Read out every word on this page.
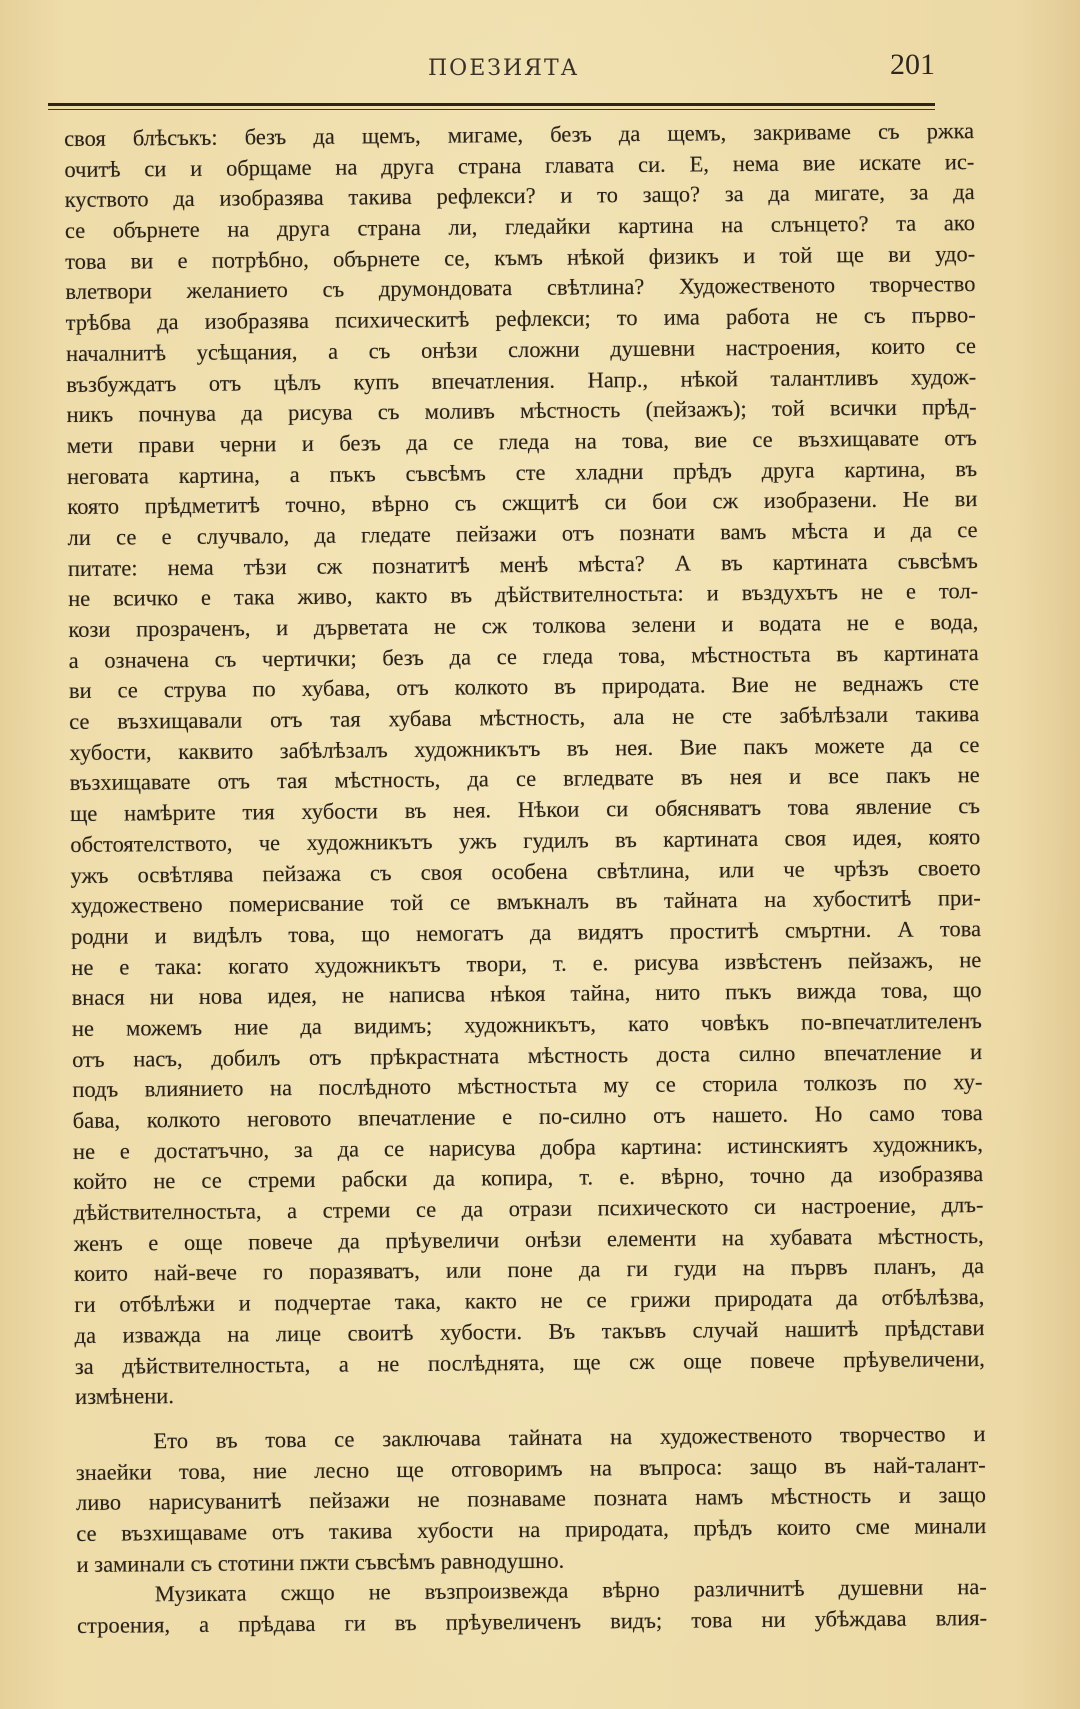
ПОЕЗИЯТА	201
своя блѣсъкъ: безъ да щемъ, мигаме, безъ да щемъ, закриваме съ ржка
очитѣ си и обрщаме на друга страна главата си. Е, нема вие искате ис-
куството да изобразява такива рефлекси? и то защо? за да мигате, за да
се обърнете на друга страна ли, гледайки картина на слънцето? та ако
това ви е потрѣбно, обърнете се, къмъ нѣкой физикъ и той ще ви удо-
влетвори желанието съ друмондовата свѣтлина? Художественото творчество
трѣбва да изобразява психическитѣ рефлекси; то има работа не съ първо-
началнитѣ усѣщания, а съ онѣзи сложни душевни настроения, които се
възбуждатъ отъ цѣлъ купъ впечатления. Напр., нѣкой талантливъ худож-
никъ почнува да рисува съ моливъ мѣстность (пейзажъ); той всички прѣд-
мети прави черни и безъ да се гледа на това, вие се възхищавате отъ
неговата картина, а пъкъ съвсѣмъ сте хладни прѣдъ друга картина, въ
която прѣдметитѣ точно, вѣрно съ сжщитѣ си бои сж изобразени. Не ви
ли се е случвало, да гледате пейзажи отъ познати вамъ мѣста и да се
питате: нема тѣзи сж познатитѣ менѣ мѣста? А въ картината съвсѣмъ
не всичко е така живо, както въ дѣйствителностьта: и въздухътъ не е тол-
кози прозраченъ, и дърветата не сж толкова зелени и водата не е вода,
а означена съ чертички; безъ да се гледа това, мѣстностьта въ картината
ви се струва по хубава, отъ колкото въ природата. Вие не веднажъ сте
се възхищавали отъ тая хубава мѣстность, ала не сте забѣлѣзали такива
хубости, каквито забѣлѣзалъ художникътъ въ нея. Вие пакъ можете да се
възхищавате отъ тая мѣстность, да се вгледвате въ нея и все пакъ не
ще намѣрите тия хубости въ нея. Нѣкои си обясняватъ това явление съ
обстоятелството, че художникътъ ужъ гудилъ въ картината своя идея, която
ужъ освѣтлява пейзажа съ своя особена свѣтлина, или че чрѣзъ своето
художествено померисвание той се вмъкналъ въ тайната на хубоститѣ при-
родни и видѣлъ това, що немогатъ да видятъ проститѣ смъртни. А това
не е така: когато художникътъ твори, т. е. рисува извѣстенъ пейзажъ, не
внася ни нова идея, не написва нѣкоя тайна, нито пъкъ вижда това, що
не можемъ ние да видимъ; художникътъ, като човѣкъ по-впечатлителенъ
отъ насъ, добилъ отъ прѣкрастната мѣстность доста силно впечатление и
подъ влиянието на послѣдното мѣстностьта му се сторила толкозъ по ху-
бава, колкото неговото впечатление е по-силно отъ нашето. Но само това
не е достатъчно, за да се нарисува добра картина: истинскиятъ художникъ,
който не се стреми рабски да копира, т. е. вѣрно, точно да изобразява
дѣйствителностьта, а стреми се да отрази психическото си настроение, длъ-
женъ е още повече да прѣувеличи онѣзи елементи на хубавата мѣстность,
които най-вече го поразяватъ, или поне да ги гуди на първъ планъ, да
ги отбѣлѣжи и подчертае така, както не се грижи природата да отбѣлѣзва,
да изважда на лице своитѣ хубости. Въ такъвъ случай нашитѣ прѣдстави
за дѣйствителностьта, а не послѣднята, ще сж още повече прѣувеличени,
измѣнени.
Ето въ това се заключава тайната на художественото творчество и
знаейки това, ние лесно ще отговоримъ на въпроса: защо въ най-талант-
ливо нарисуванитѣ пейзажи не познаваме позната намъ мѣстность и защо
се възхищаваме отъ такива хубости на природата, прѣдъ които сме минали
и заминали съ стотини пжти съвсѣмъ равнодушно.
Музиката сжщо не възпроизвежда вѣрно различнитѣ душевни на-
строения, а прѣдава ги въ прѣувеличенъ видъ; това ни убѣждава влия-
